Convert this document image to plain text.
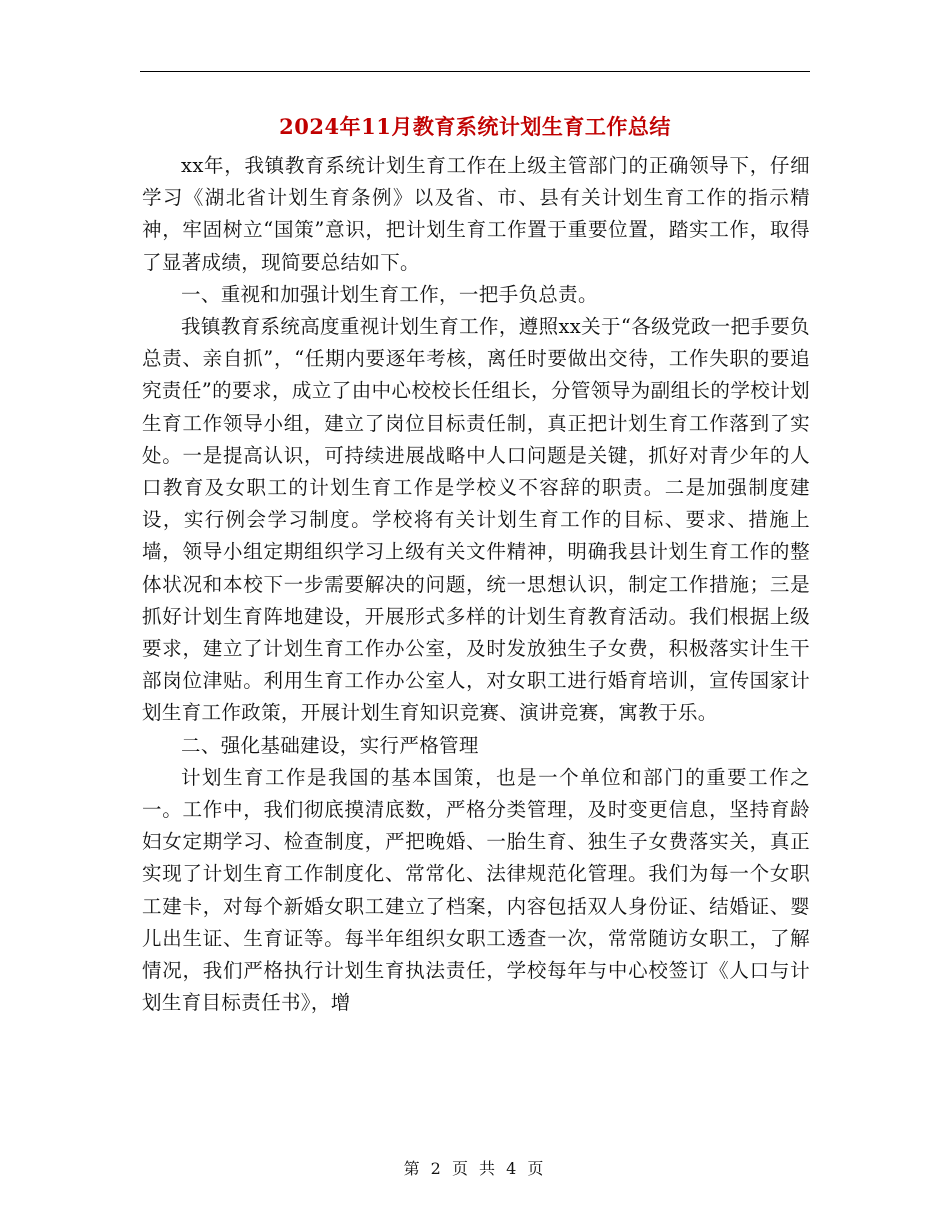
2024年11月教育系统计划生育工作总结

xx年，我镇教育系统计划生育工作在上级主管部门的正确领导下，仔细学习《湖北省计划生育条例》以及省、市、县有关计划生育工作的指示精神，牢固树立“国策”意识，把计划生育工作置于重要位置，踏实工作，取得了显著成绩，现简要总结如下。

一、重视和加强计划生育工作，一把手负总责。

我镇教育系统高度重视计划生育工作，遵照xx关于“各级党政一把手要负总责、亲自抓”，“任期内要逐年考核，离任时要做出交待，工作失职的要追究责任”的要求，成立了由中心校校长任组长，分管领导为副组长的学校计划生育工作领导小组，建立了岗位目标责任制，真正把计划生育工作落到了实处。一是提高认识，可持续进展战略中人口问题是关键，抓好对青少年的人口教育及女职工的计划生育工作是学校义不容辞的职责。二是加强制度建设，实行例会学习制度。学校将有关计划生育工作的目标、要求、措施上墙，领导小组定期组织学习上级有关文件精神，明确我县计划生育工作的整体状况和本校下一步需要解决的问题，统一思想认识，制定工作措施；三是抓好计划生育阵地建设，开展形式多样的计划生育教育活动。我们根据上级要求，建立了计划生育工作办公室，及时发放独生子女费，积极落实计生干部岗位津贴。利用生育工作办公室人，对女职工进行婚育培训，宣传国家计划生育工作政策，开展计划生育知识竞赛、演讲竞赛，寓教于乐。

二、强化基础建设，实行严格管理

计划生育工作是我国的基本国策，也是一个单位和部门的重要工作之一。工作中，我们彻底摸清底数，严格分类管理，及时变更信息，坚持育龄妇女定期学习、检查制度，严把晚婚、一胎生育、独生子女费落实关，真正实现了计划生育工作制度化、常常化、法律规范化管理。我们为每一个女职工建卡，对每个新婚女职工建立了档案，内容包括双人身份证、结婚证、婴儿出生证、生育证等。每半年组织女职工透查一次，常常随访女职工，了解情况，我们严格执行计划生育执法责任，学校每年与中心校签订《人口与计划生育目标责任书》，增

第 2 页 共 4 页
